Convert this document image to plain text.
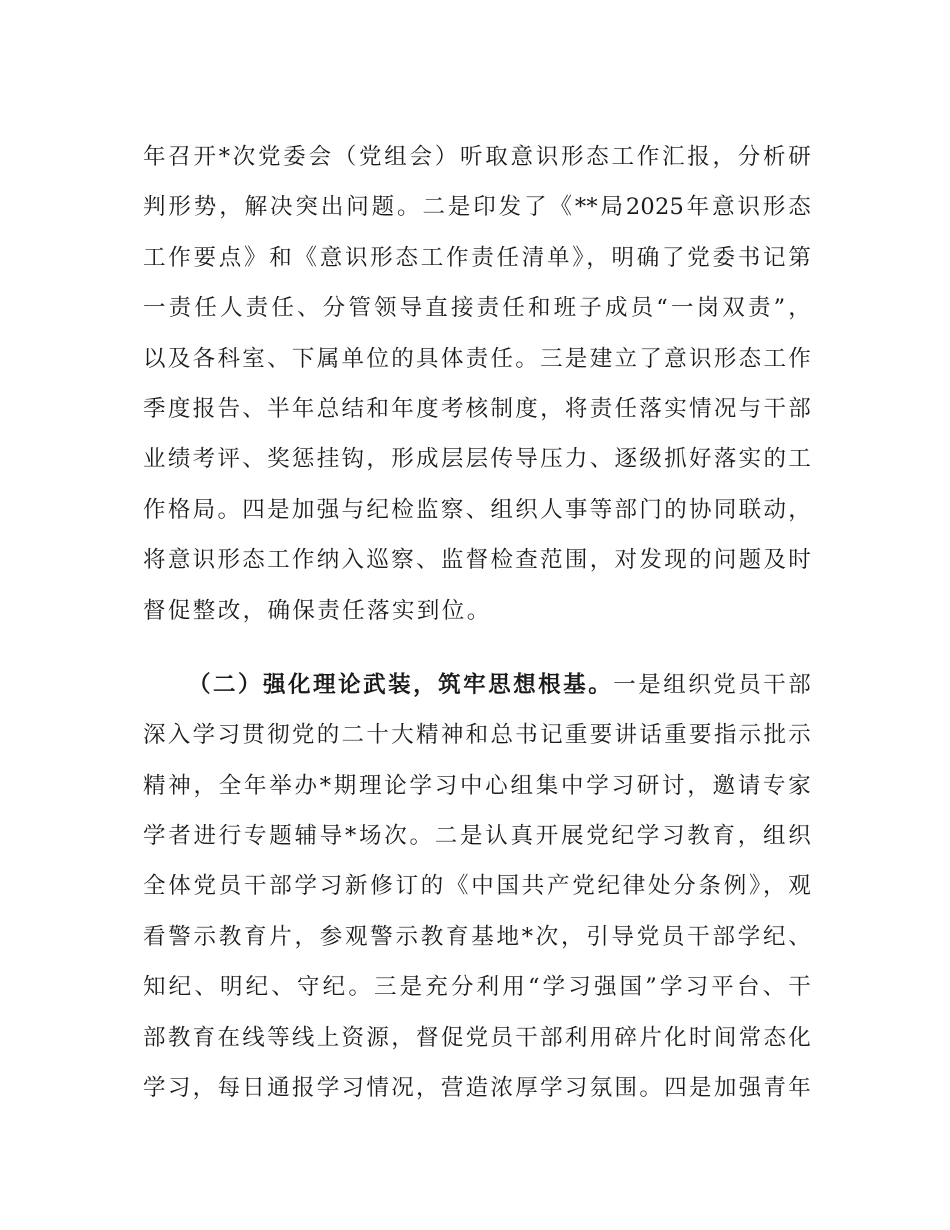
年召开*次党委会（党组会）听取意识形态工作汇报，分析研
判形势，解决突出问题。二是印发了《**局2025年意识形态
工作要点》和《意识形态工作责任清单》，明确了党委书记第
一责任人责任、分管领导直接责任和班子成员“一岗双责”，
以及各科室、下属单位的具体责任。三是建立了意识形态工作
季度报告、半年总结和年度考核制度，将责任落实情况与干部
业绩考评、奖惩挂钩，形成层层传导压力、逐级抓好落实的工
作格局。四是加强与纪检监察、组织人事等部门的协同联动，
将意识形态工作纳入巡察、监督检查范围，对发现的问题及时
督促整改，确保责任落实到位。
（二）强化理论武装，筑牢思想根基。一是组织党员干部
深入学习贯彻党的二十大精神和总书记重要讲话重要指示批示
精神，全年举办*期理论学习中心组集中学习研讨，邀请专家
学者进行专题辅导*场次。二是认真开展党纪学习教育，组织
全体党员干部学习新修订的《中国共产党纪律处分条例》，观
看警示教育片，参观警示教育基地*次，引导党员干部学纪、
知纪、明纪、守纪。三是充分利用“学习强国”学习平台、干
部教育在线等线上资源，督促党员干部利用碎片化时间常态化
学习，每日通报学习情况，营造浓厚学习氛围。四是加强青年
